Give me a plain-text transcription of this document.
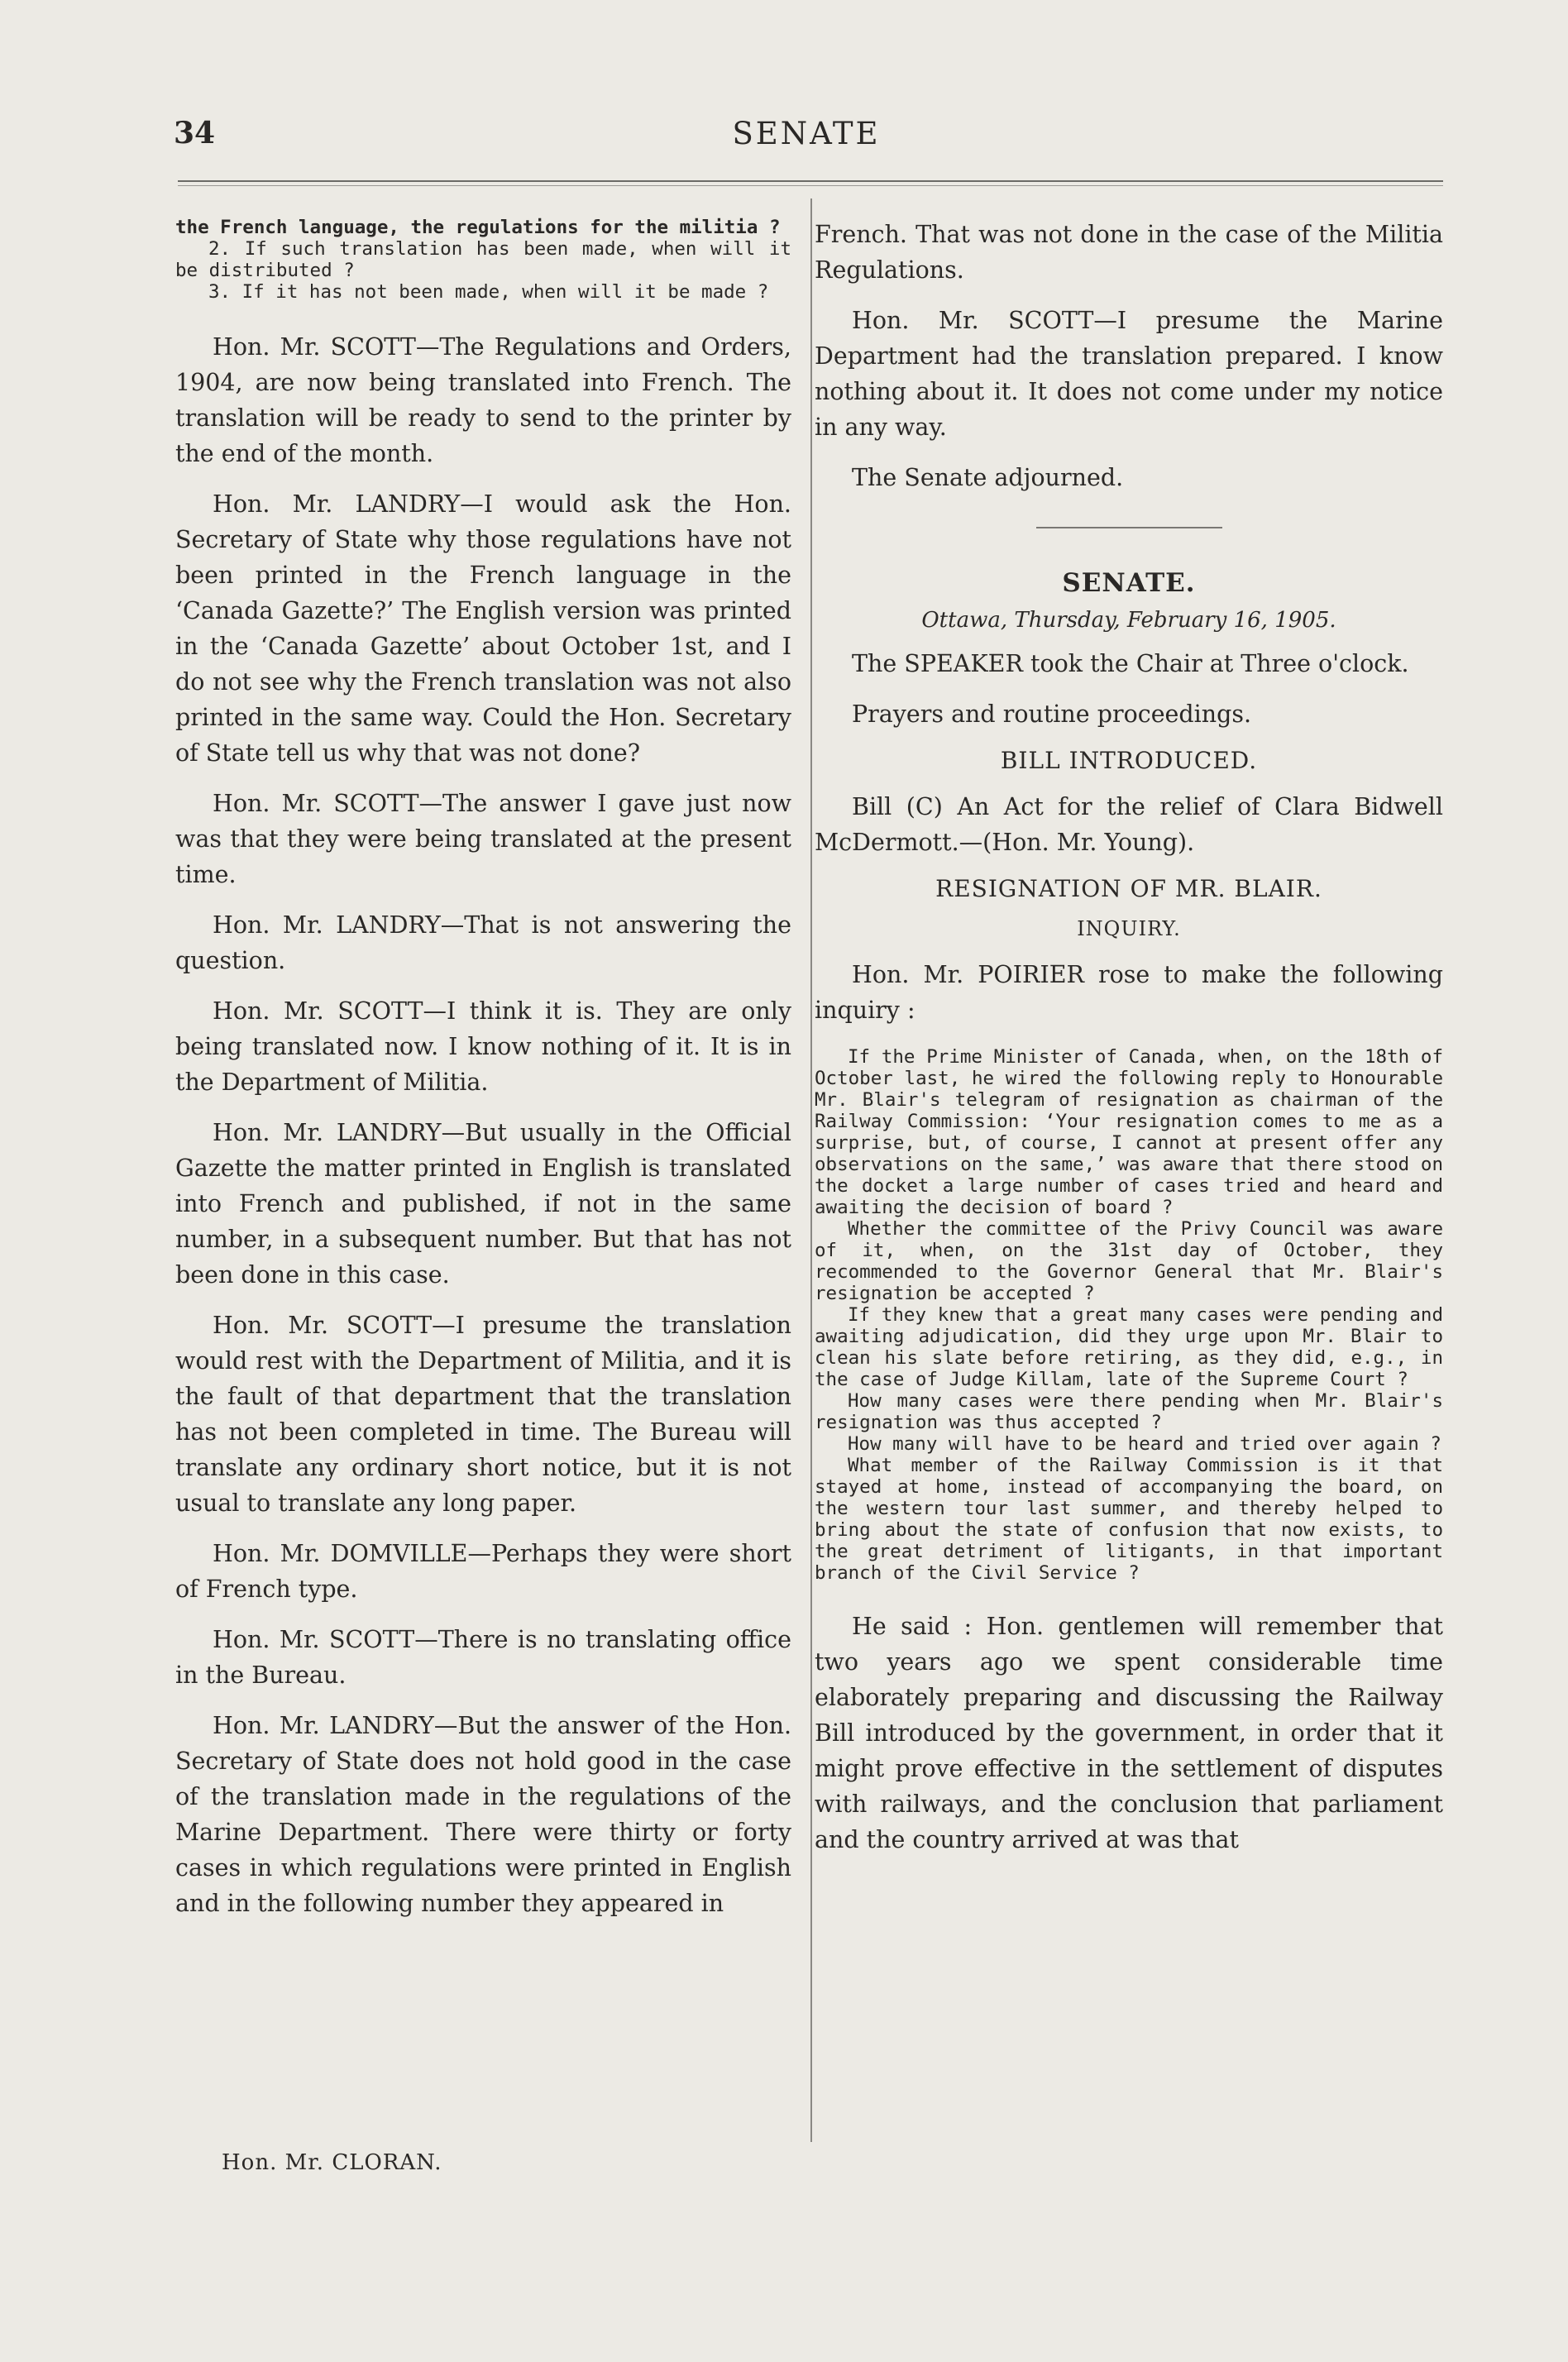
34	SENATE

the French language, the regulations for the militia ?

2. If such translation has been made, when will it be distributed ?

3. If it has not been made, when will it be made ?

Hon. Mr. SCOTT—The Regulations and Orders, 1904, are now being translated into French. The translation will be ready to send to the printer by the end of the month.

Hon. Mr. LANDRY—I would ask the Hon. Secretary of State why those regulations have not been printed in the French language in the ‘Canada Gazette?’ The English version was printed in the ‘Canada Gazette’ about October 1st, and I do not see why the French translation was not also printed in the same way. Could the Hon. Secretary of State tell us why that was not done?

Hon. Mr. SCOTT—The answer I gave just now was that they were being translated at the present time.

Hon. Mr. LANDRY—That is not answering the question.

Hon. Mr. SCOTT—I think it is. They are only being translated now. I know nothing of it. It is in the Department of Militia.

Hon. Mr. LANDRY—But usually in the Official Gazette the matter printed in English is translated into French and published, if not in the same number, in a subsequent number. But that has not been done in this case.

Hon. Mr. SCOTT—I presume the translation would rest with the Department of Militia, and it is the fault of that department that the translation has not been completed in time. The Bureau will translate any ordinary short notice, but it is not usual to translate any long paper.

Hon. Mr. DOMVILLE—Perhaps they were short of French type.

Hon. Mr. SCOTT—There is no translating office in the Bureau.

Hon. Mr. LANDRY—But the answer of the Hon. Secretary of State does not hold good in the case of the translation made in the regulations of the Marine Department. There were thirty or forty cases in which regulations were printed in English and in the following number they appeared in

Hon. Mr. CLORAN.

French. That was not done in the case of the Militia Regulations.

Hon. Mr. SCOTT—I presume the Marine Department had the translation prepared. I know nothing about it. It does not come under my notice in any way.

The Senate adjourned.

SENATE.
Ottawa, Thursday, February 16, 1905.

The SPEAKER took the Chair at Three o'clock.

Prayers and routine proceedings.

BILL INTRODUCED.

Bill (C) An Act for the relief of Clara Bidwell McDermott.—(Hon. Mr. Young).

RESIGNATION OF MR. BLAIR.
INQUIRY.

Hon. Mr. POIRIER rose to make the following inquiry :

If the Prime Minister of Canada, when, on the 18th of October last, he wired the following reply to Honourable Mr. Blair's telegram of resignation as chairman of the Railway Commission: ‘Your resignation comes to me as a surprise, but, of course, I cannot at present offer any observations on the same,’ was aware that there stood on the docket a large number of cases tried and heard and awaiting the decision of board ?

Whether the committee of the Privy Council was aware of it, when, on the 31st day of October, they recommended to the Governor General that Mr. Blair's resignation be accepted ?

If they knew that a great many cases were pending and awaiting adjudication, did they urge upon Mr. Blair to clean his slate before retiring, as they did, e.g., in the case of Judge Killam, late of the Supreme Court ?

How many cases were there pending when Mr. Blair's resignation was thus accepted ?

How many will have to be heard and tried over again ?

What member of the Railway Commission is it that stayed at home, instead of accompanying the board, on the western tour last summer, and thereby helped to bring about the state of confusion that now exists, to the great detriment of litigants, in that important branch of the Civil Service ?

He said : Hon. gentlemen will remember that two years ago we spent considerable time elaborately preparing and discussing the Railway Bill introduced by the government, in order that it might prove effective in the settlement of disputes with railways, and the conclusion that parliament and the country arrived at was that
